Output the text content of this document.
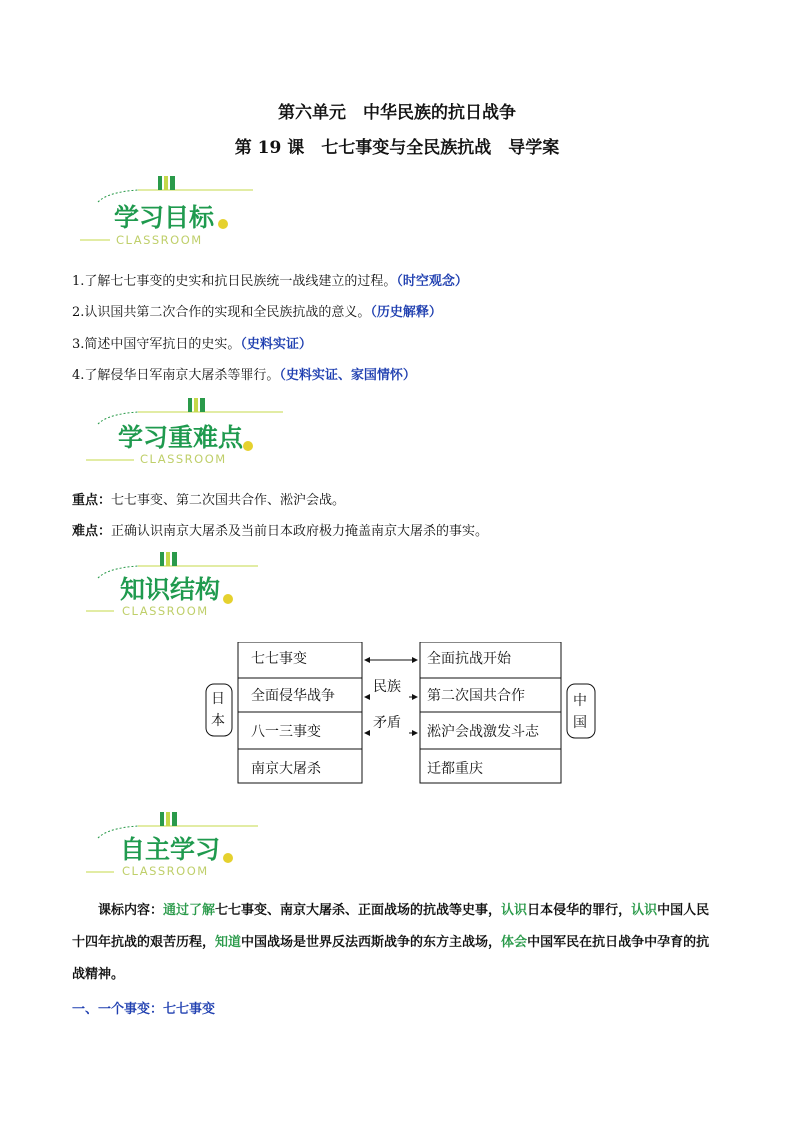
第六单元　中华民族的抗日战争
第 19 课　七七事变与全民族抗战　导学案
学习目标
CLASSROOM
1.了解七七事变的史实和抗日民族统一战线建立的过程。（时空观念）
2.认识国共第二次合作的实现和全民族抗战的意义。（历史解释）
3.简述中国守军抗日的史实。（史料实证）
4.了解侵华日军南京大屠杀等罪行。（史料实证、家国情怀）
学习重难点
CLASSROOM
重点：七七事变、第二次国共合作、淞沪会战。
难点：正确认识南京大屠杀及当前日本政府极力掩盖南京大屠杀的事实。
知识结构
CLASSROOM
日
本
七七事变
全面侵华战争
八一三事变
南京大屠杀
民族
矛盾
全面抗战开始
第二次国共合作
淞沪会战激发斗志
迁都重庆
中
国
自主学习
CLASSROOM
课标内容：通过了解七七事变、南京大屠杀、正面战场的抗战等史事，认识日本侵华的罪行，认识中国人民十四年抗战的艰苦历程，知道中国战场是世界反法西斯战争的东方主战场，体会中国军民在抗日战争中孕育的抗战精神。
一、一个事变：七七事变
